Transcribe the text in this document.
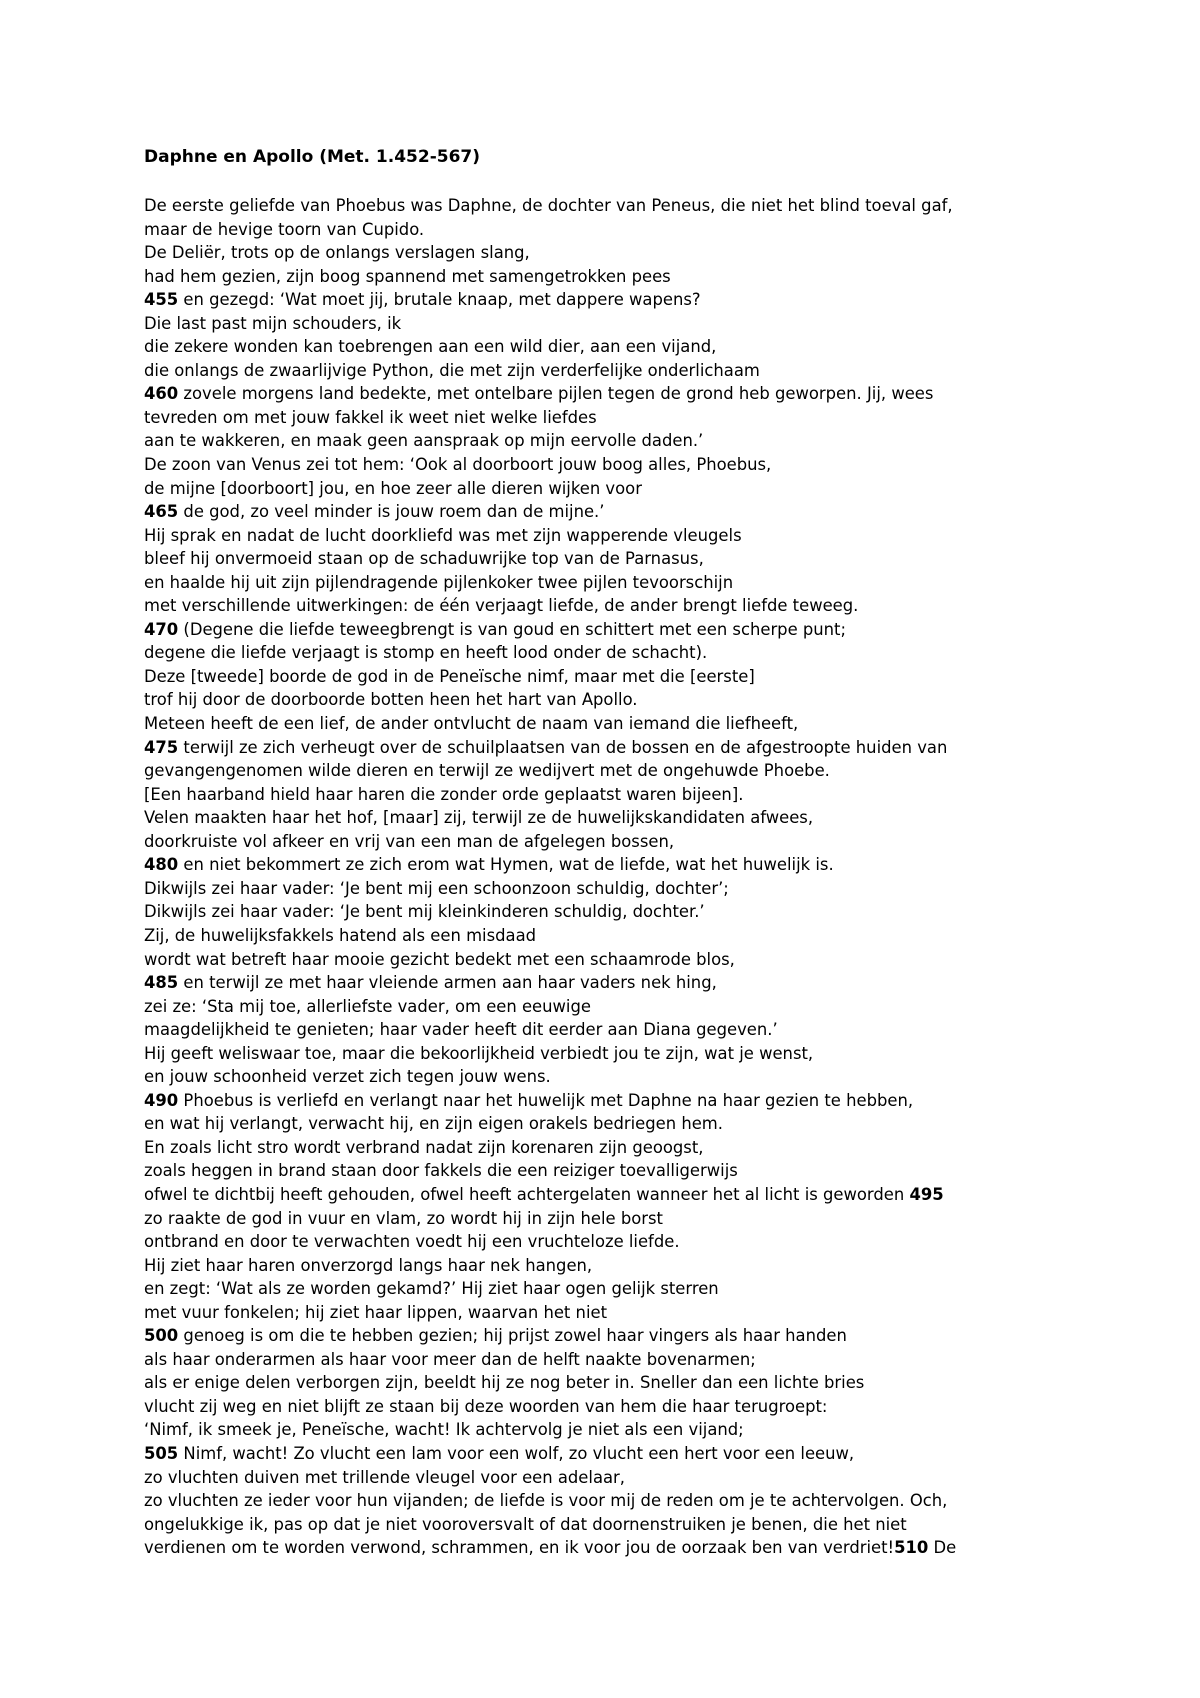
Daphne en Apollo (Met. 1.452-567)
De eerste geliefde van Phoebus was Daphne, de dochter van Peneus, die niet het blind toeval gaf,
maar de hevige toorn van Cupido.
De Deliër, trots op de onlangs verslagen slang,
had hem gezien, zijn boog spannend met samengetrokken pees
455 en gezegd: ‘Wat moet jij, brutale knaap, met dappere wapens?
Die last past mijn schouders, ik
die zekere wonden kan toebrengen aan een wild dier, aan een vijand,
die onlangs de zwaarlijvige Python, die met zijn verderfelijke onderlichaam
460 zovele morgens land bedekte, met ontelbare pijlen tegen de grond heb geworpen. Jij, wees
tevreden om met jouw fakkel ik weet niet welke liefdes
aan te wakkeren, en maak geen aanspraak op mijn eervolle daden.’
De zoon van Venus zei tot hem: ‘Ook al doorboort jouw boog alles, Phoebus,
de mijne [doorboort] jou, en hoe zeer alle dieren wijken voor
465 de god, zo veel minder is jouw roem dan de mijne.’
Hij sprak en nadat de lucht doorkliefd was met zijn wapperende vleugels
bleef hij onvermoeid staan op de schaduwrijke top van de Parnasus,
en haalde hij uit zijn pijlendragende pijlenkoker twee pijlen tevoorschijn
met verschillende uitwerkingen: de één verjaagt liefde, de ander brengt liefde teweeg.
470 (Degene die liefde teweegbrengt is van goud en schittert met een scherpe punt;
degene die liefde verjaagt is stomp en heeft lood onder de schacht).
Deze [tweede] boorde de god in de Peneïsche nimf, maar met die [eerste]
trof hij door de doorboorde botten heen het hart van Apollo.
Meteen heeft de een lief, de ander ontvlucht de naam van iemand die liefheeft,
475 terwijl ze zich verheugt over de schuilplaatsen van de bossen en de afgestroopte huiden van
gevangengenomen wilde dieren en terwijl ze wedijvert met de ongehuwde Phoebe.
[Een haarband hield haar haren die zonder orde geplaatst waren bijeen].
Velen maakten haar het hof, [maar] zij, terwijl ze de huwelijkskandidaten afwees,
doorkruiste vol afkeer en vrij van een man de afgelegen bossen,
480 en niet bekommert ze zich erom wat Hymen, wat de liefde, wat het huwelijk is.
Dikwijls zei haar vader: ‘Je bent mij een schoonzoon schuldig, dochter’;
Dikwijls zei haar vader: ‘Je bent mij kleinkinderen schuldig, dochter.’
Zij, de huwelijksfakkels hatend als een misdaad
wordt wat betreft haar mooie gezicht bedekt met een schaamrode blos,
485 en terwijl ze met haar vleiende armen aan haar vaders nek hing,
zei ze: ‘Sta mij toe, allerliefste vader, om een eeuwige
maagdelijkheid te genieten; haar vader heeft dit eerder aan Diana gegeven.’
Hij geeft weliswaar toe, maar die bekoorlijkheid verbiedt jou te zijn, wat je wenst,
en jouw schoonheid verzet zich tegen jouw wens.
490 Phoebus is verliefd en verlangt naar het huwelijk met Daphne na haar gezien te hebben,
en wat hij verlangt, verwacht hij, en zijn eigen orakels bedriegen hem.
En zoals licht stro wordt verbrand nadat zijn korenaren zijn geoogst,
zoals heggen in brand staan door fakkels die een reiziger toevalligerwijs
ofwel te dichtbij heeft gehouden, ofwel heeft achtergelaten wanneer het al licht is geworden 495
zo raakte de god in vuur en vlam, zo wordt hij in zijn hele borst
ontbrand en door te verwachten voedt hij een vruchteloze liefde.
Hij ziet haar haren onverzorgd langs haar nek hangen,
en zegt: ‘Wat als ze worden gekamd?’ Hij ziet haar ogen gelijk sterren
met vuur fonkelen; hij ziet haar lippen, waarvan het niet
500 genoeg is om die te hebben gezien; hij prijst zowel haar vingers als haar handen
als haar onderarmen als haar voor meer dan de helft naakte bovenarmen;
als er enige delen verborgen zijn, beeldt hij ze nog beter in. Sneller dan een lichte bries
vlucht zij weg en niet blijft ze staan bij deze woorden van hem die haar terugroept:
‘Nimf, ik smeek je, Peneïsche, wacht! Ik achtervolg je niet als een vijand;
505 Nimf, wacht! Zo vlucht een lam voor een wolf, zo vlucht een hert voor een leeuw,
zo vluchten duiven met trillende vleugel voor een adelaar,
zo vluchten ze ieder voor hun vijanden; de liefde is voor mij de reden om je te achtervolgen. Och,
ongelukkige ik, pas op dat je niet vooroversvalt of dat doornenstruiken je benen, die het niet
verdienen om te worden verwond, schrammen, en ik voor jou de oorzaak ben van verdriet!510 De
